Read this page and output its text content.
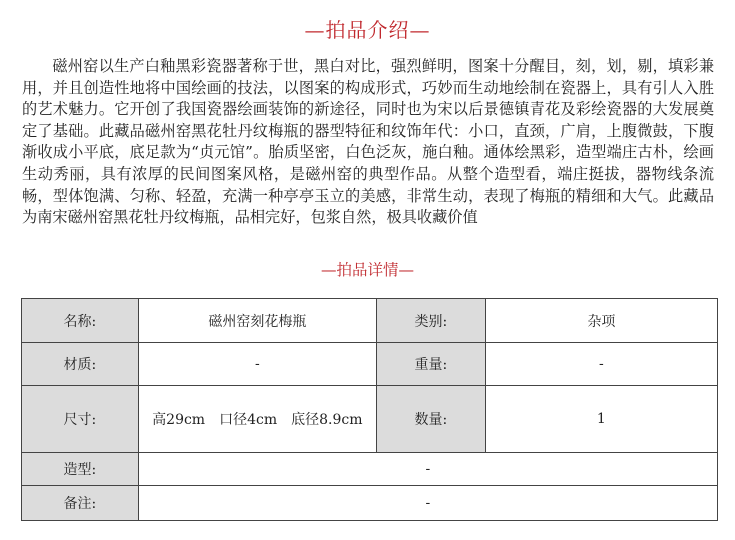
—拍品介绍—
磁州窑以生产白釉黑彩瓷器著称于世，黑白对比，强烈鲜明，图案十分醒目，刻，划，剔，填彩兼用，并且创造性地将中国绘画的技法，以图案的构成形式，巧妙而生动地绘制在瓷器上，具有引人入胜的艺术魅力。它开创了我国瓷器绘画装饰的新途径，同时也为宋以后景德镇青花及彩绘瓷器的大发展奠定了基础。此藏品磁州窑黑花牡丹纹梅瓶的器型特征和纹饰年代：小口，直颈，广肩，上腹微鼓，下腹渐收成小平底，底足款为“贞元馆”。胎质坚密，白色泛灰，施白釉。通体绘黑彩，造型端庄古朴，绘画生动秀丽，具有浓厚的民间图案风格，是磁州窑的典型作品。从整个造型看，端庄挺拔，器物线条流畅，型体饱满、匀称、轻盈，充满一种亭亭玉立的美感，非常生动，表现了梅瓶的精细和大气。此藏品为南宋磁州窑黑花牡丹纹梅瓶，品相完好，包浆自然，极具收藏价值
—拍品详情—
名称:	磁州窑刻花梅瓶	类别:	杂项
材质:	-	重量:	-
尺寸:	高29cm　口径4cm　底径8.9cm	数量:	1
造型:	-		
备注:	-		
